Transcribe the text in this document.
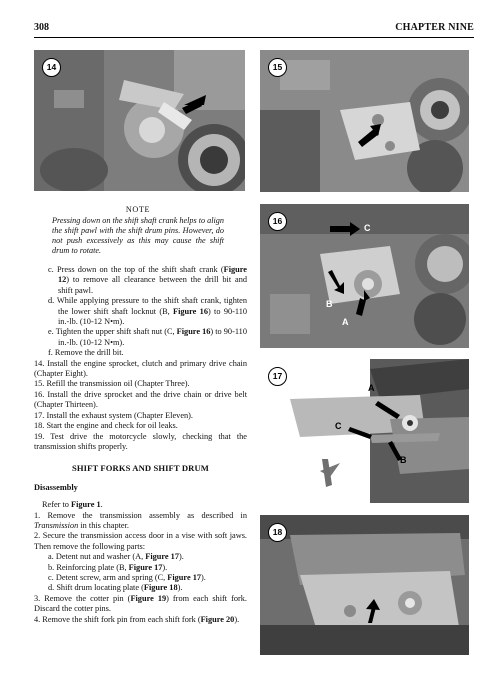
308	CHAPTER NINE
14	15
16
C
B
A
17
A
C
B
18
NOTE
Pressing down on the shift shaft crank helps to align the shift pawl with the shift drum pins. However, do not push excessively as this may cause the shift drum to rotate.

c. Press down on the top of the shift shaft crank (Figure 12) to remove all clearance between the drill bit and shift pawl.

d. While applying pressure to the shift shaft crank, tighten the lower shift shaft locknut (B, Figure 16) to 90-110 in.-lb. (10-12 N•m).

e. Tighten the upper shift shaft nut (C, Figure 16) to 90-110 in.-lb. (10-12 N•m).

f. Remove the drill bit.

14. Install the engine sprocket, clutch and primary drive chain (Chapter Eight).

15. Refill the transmission oil (Chapter Three).

16. Install the drive sprocket and the drive chain or drive belt (Chapter Thirteen).

17. Install the exhaust system (Chapter Eleven).

18. Start the engine and check for oil leaks.

19. Test drive the motorcycle slowly, checking that the transmission shifts properly.

SHIFT FORKS AND SHIFT DRUM

Disassembly

Refer to Figure 1.

1. Remove the transmission assembly as described in Transmission in this chapter.

2. Secure the transmission access door in a vise with soft jaws. Then remove the following parts:

a. Detent nut and washer (A, Figure 17).

b. Reinforcing plate (B, Figure 17).

c. Detent screw, arm and spring (C, Figure 17).

d. Shift drum locating plate (Figure 18).

3. Remove the cotter pin (Figure 19) from each shift fork. Discard the cotter pins.

4. Remove the shift fork pin from each shift fork (Figure 20).
